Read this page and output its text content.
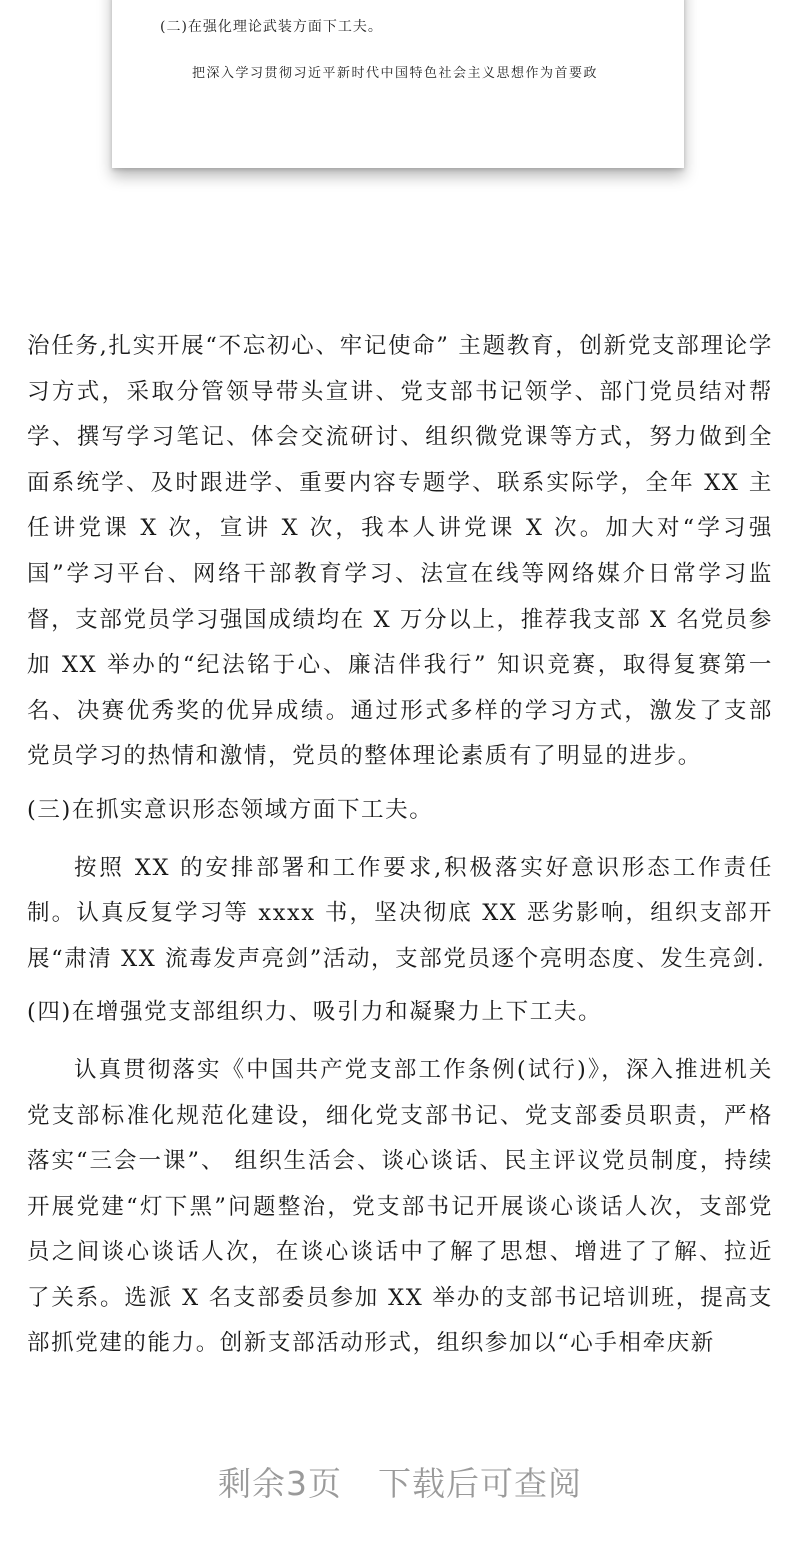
(二)在强化理论武装方面下工夫。
把深入学习贯彻习近平新时代中国特色社会主义思想作为首要政

治任务,扎实开展“不忘初心、牢记使命” 主题教育，创新党支部理论学习方式，采取分管领导带头宣讲、党支部书记领学、部门党员结对帮学、撰写学习笔记、体会交流研讨、组织微党课等方式，努力做到全面系统学、及时跟进学、重要内容专题学、联系实际学，全年 XX 主任讲党课 X 次，宣讲 X 次，我本人讲党课 X 次。加大对“学习强国”学习平台、网络干部教育学习、法宣在线等网络媒介日常学习监督，支部党员学习强国成绩均在 X 万分以上，推荐我支部 X 名党员参加 XX 举办的“纪法铭于心、廉洁伴我行” 知识竞赛，取得复赛第一名、决赛优秀奖的优异成绩。通过形式多样的学习方式，激发了支部党员学习的热情和激情，党员的整体理论素质有了明显的进步。

(三)在抓实意识形态领域方面下工夫。

按照 XX 的安排部署和工作要求,积极落实好意识形态工作责任制。认真反复学习等 xxxx 书，坚决彻底 XX 恶劣影响，组织支部开展“肃清 XX 流毒发声亮剑”活动，支部党员逐个亮明态度、发生亮剑.

(四)在增强党支部组织力、吸引力和凝聚力上下工夫。

认真贯彻落实《中国共产党支部工作条例(试行)》，深入推进机关党支部标准化规范化建设，细化党支部书记、党支部委员职责，严格落实“三会一课”、 组织生活会、谈心谈话、民主评议党员制度，持续开展党建“灯下黑”问题整治，党支部书记开展谈心谈话人次，支部党员之间谈心谈话人次，在谈心谈话中了解了思想、增进了了解、拉近了关系。选派 X 名支部委员参加 XX 举办的支部书记培训班，提高支部抓党建的能力。创新支部活动形式，组织参加以“心手相牵庆新

剩余3页 下载后可查阅
